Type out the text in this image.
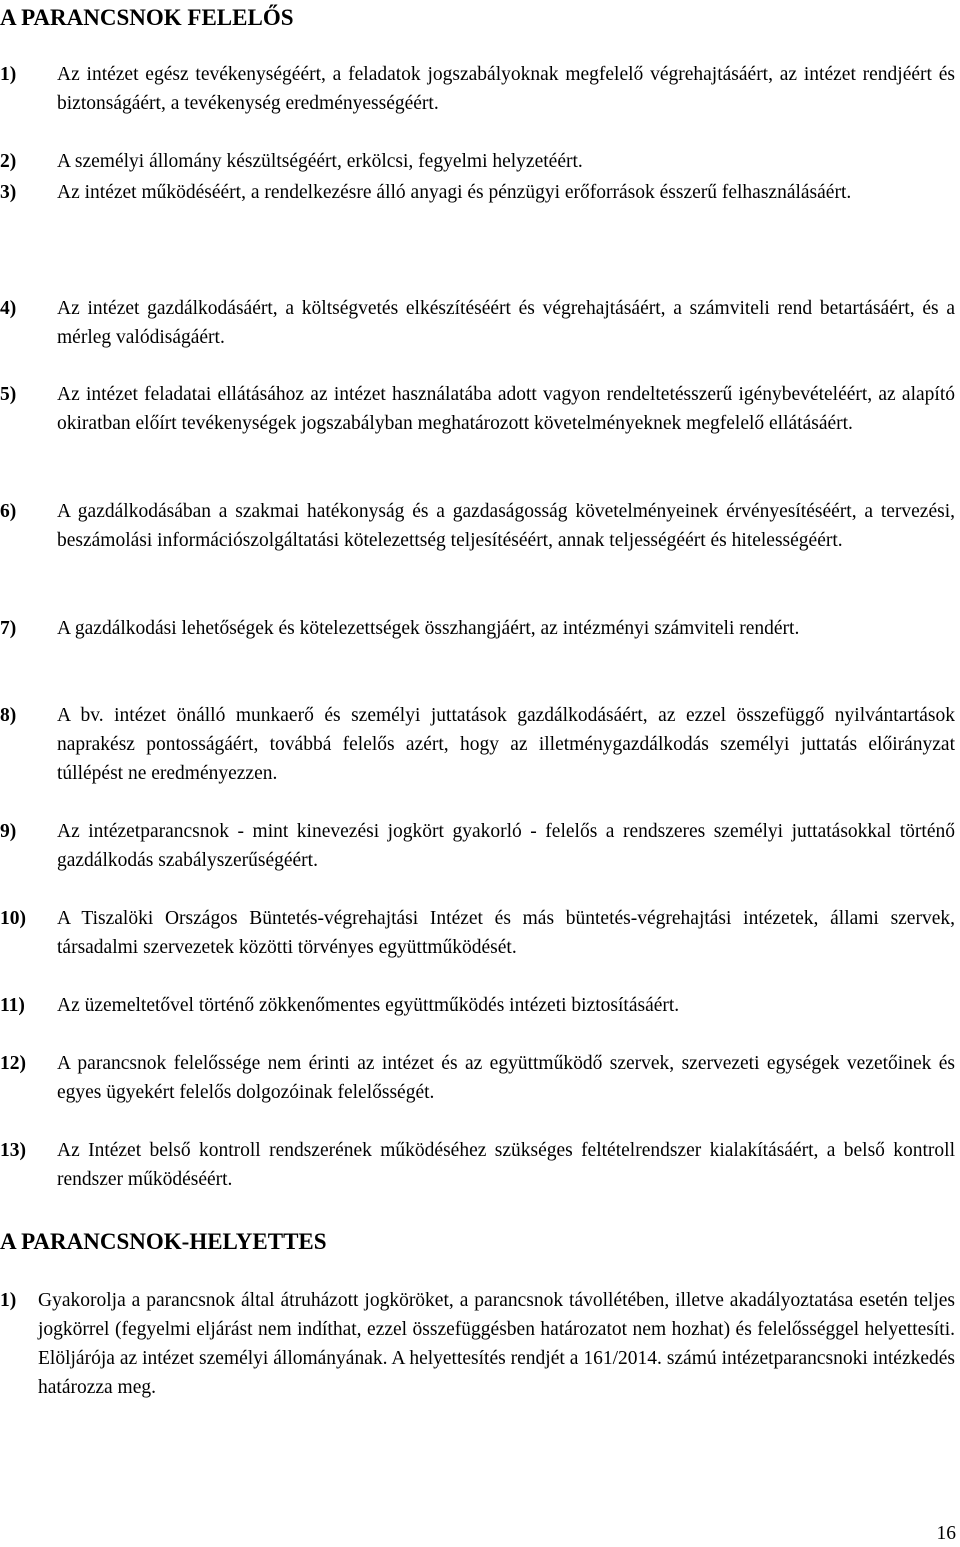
A PARANCSNOK FELELŐS
1) Az intézet egész tevékenységéért, a feladatok jogszabályoknak megfelelő végrehajtásáért, az intézet rendjéért és biztonságáért, a tevékenység eredményességéért.
2) A személyi állomány készültségéért, erkölcsi, fegyelmi helyzetéért.
3) Az intézet működéséért, a rendelkezésre álló anyagi és pénzügyi erőforrások ésszerű felhasználásáért.
4) Az intézet gazdálkodásáért, a költségvetés elkészítéséért és végrehajtásáért, a számviteli rend betartásáért, és a mérleg valódiságáért.
5) Az intézet feladatai ellátásához az intézet használatába adott vagyon rendeltetésszerű igénybevételéért, az alapító okiratban előírt tevékenységek jogszabályban meghatározott követelményeknek megfelelő ellátásáért.
6) A gazdálkodásában a szakmai hatékonyság és a gazdaságosság követelményeinek érvényesítéséért, a tervezési, beszámolási információszolgáltatási kötelezettség teljesítéséért, annak teljességéért és hitelességéért.
7) A gazdálkodási lehetőségek és kötelezettségek összhangjáért, az intézményi számviteli rendért.
8) A bv. intézet önálló munkaerő és személyi juttatások gazdálkodásáért, az ezzel összefüggő nyilvántartások naprakész pontosságáért, továbbá felelős azért, hogy az illetménygazdálkodás személyi juttatás előirányzat túllépést ne eredményezzen.
9) Az intézetparancsnok - mint kinevezési jogkört gyakorló - felelős a rendszeres személyi juttatásokkal történő gazdálkodás szabályszerűségéért.
10) A Tiszalöki Országos Büntetés-végrehajtási Intézet és más büntetés-végrehajtási intézetek, állami szervek, társadalmi szervezetek közötti törvényes együttműködését.
11) Az üzemeltetővel történő zökkenőmentes együttműködés intézeti biztosításáért.
12) A parancsnok felelőssége nem érinti az intézet és az együttműködő szervek, szervezeti egységek vezetőinek és egyes ügyekért felelős dolgozóinak felelősségét.
13) Az Intézet belső kontroll rendszerének működéséhez szükséges feltételrendszer kialakításáért, a belső kontroll rendszer működéséért.
A PARANCSNOK-HELYETTES
1) Gyakorolja a parancsnok által átruházott jogköröket, a parancsnok távollétében, illetve akadályoztatása esetén teljes jogkörrel (fegyelmi eljárást nem indíthat, ezzel összefüggésben határozatot nem hozhat) és felelősséggel helyettesíti. Elöljárója az intézet személyi állományának. A helyettesítés rendjét a 161/2014. számú intézetparancsnoki intézkedés határozza meg.
16
